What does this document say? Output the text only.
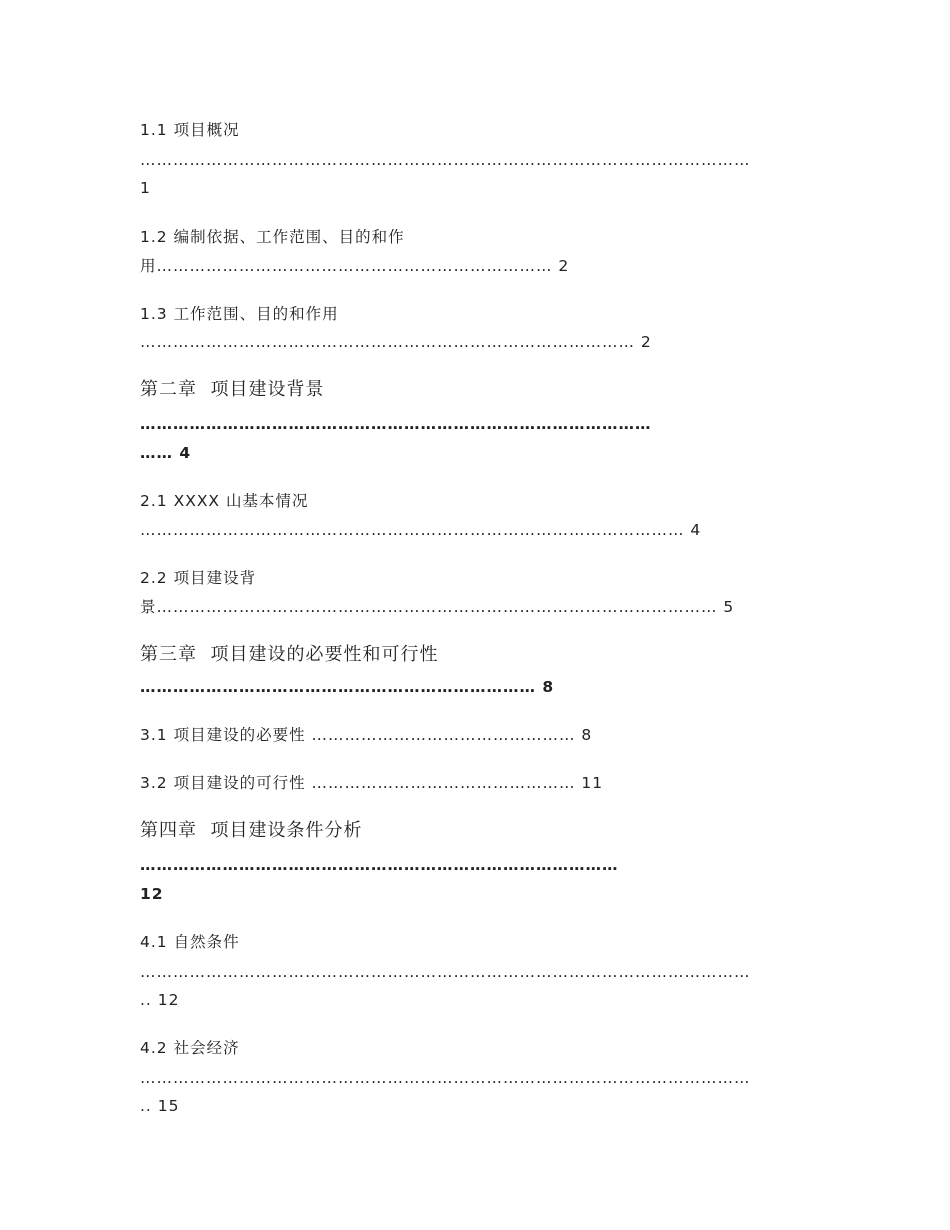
1.1 项目概况
…………………………………………………………………………………………………
1
1.2 编制依据、工作范围、目的和作
用……………………………………………………………… 2
1.3 工作范围、目的和作用
……………………………………………………………………………… 2
第二章  项目建设背景
…………………………………………………………………………………
…… 4
2.1 XXXX 山基本情况
……………………………………………………………………………………… 4
2.2 项目建设背
景………………………………………………………………………………………… 5
第三章  项目建设的必要性和可行性
……………………………………………………………… 8
3.1 项目建设的必要性 ………………………………………… 8
3.2 项目建设的可行性 ………………………………………… 11
第四章  项目建设条件分析
……………………………………………………………………………
12
4.1 自然条件
…………………………………………………………………………………………………
.. 12
4.2 社会经济
…………………………………………………………………………………………………
.. 15
